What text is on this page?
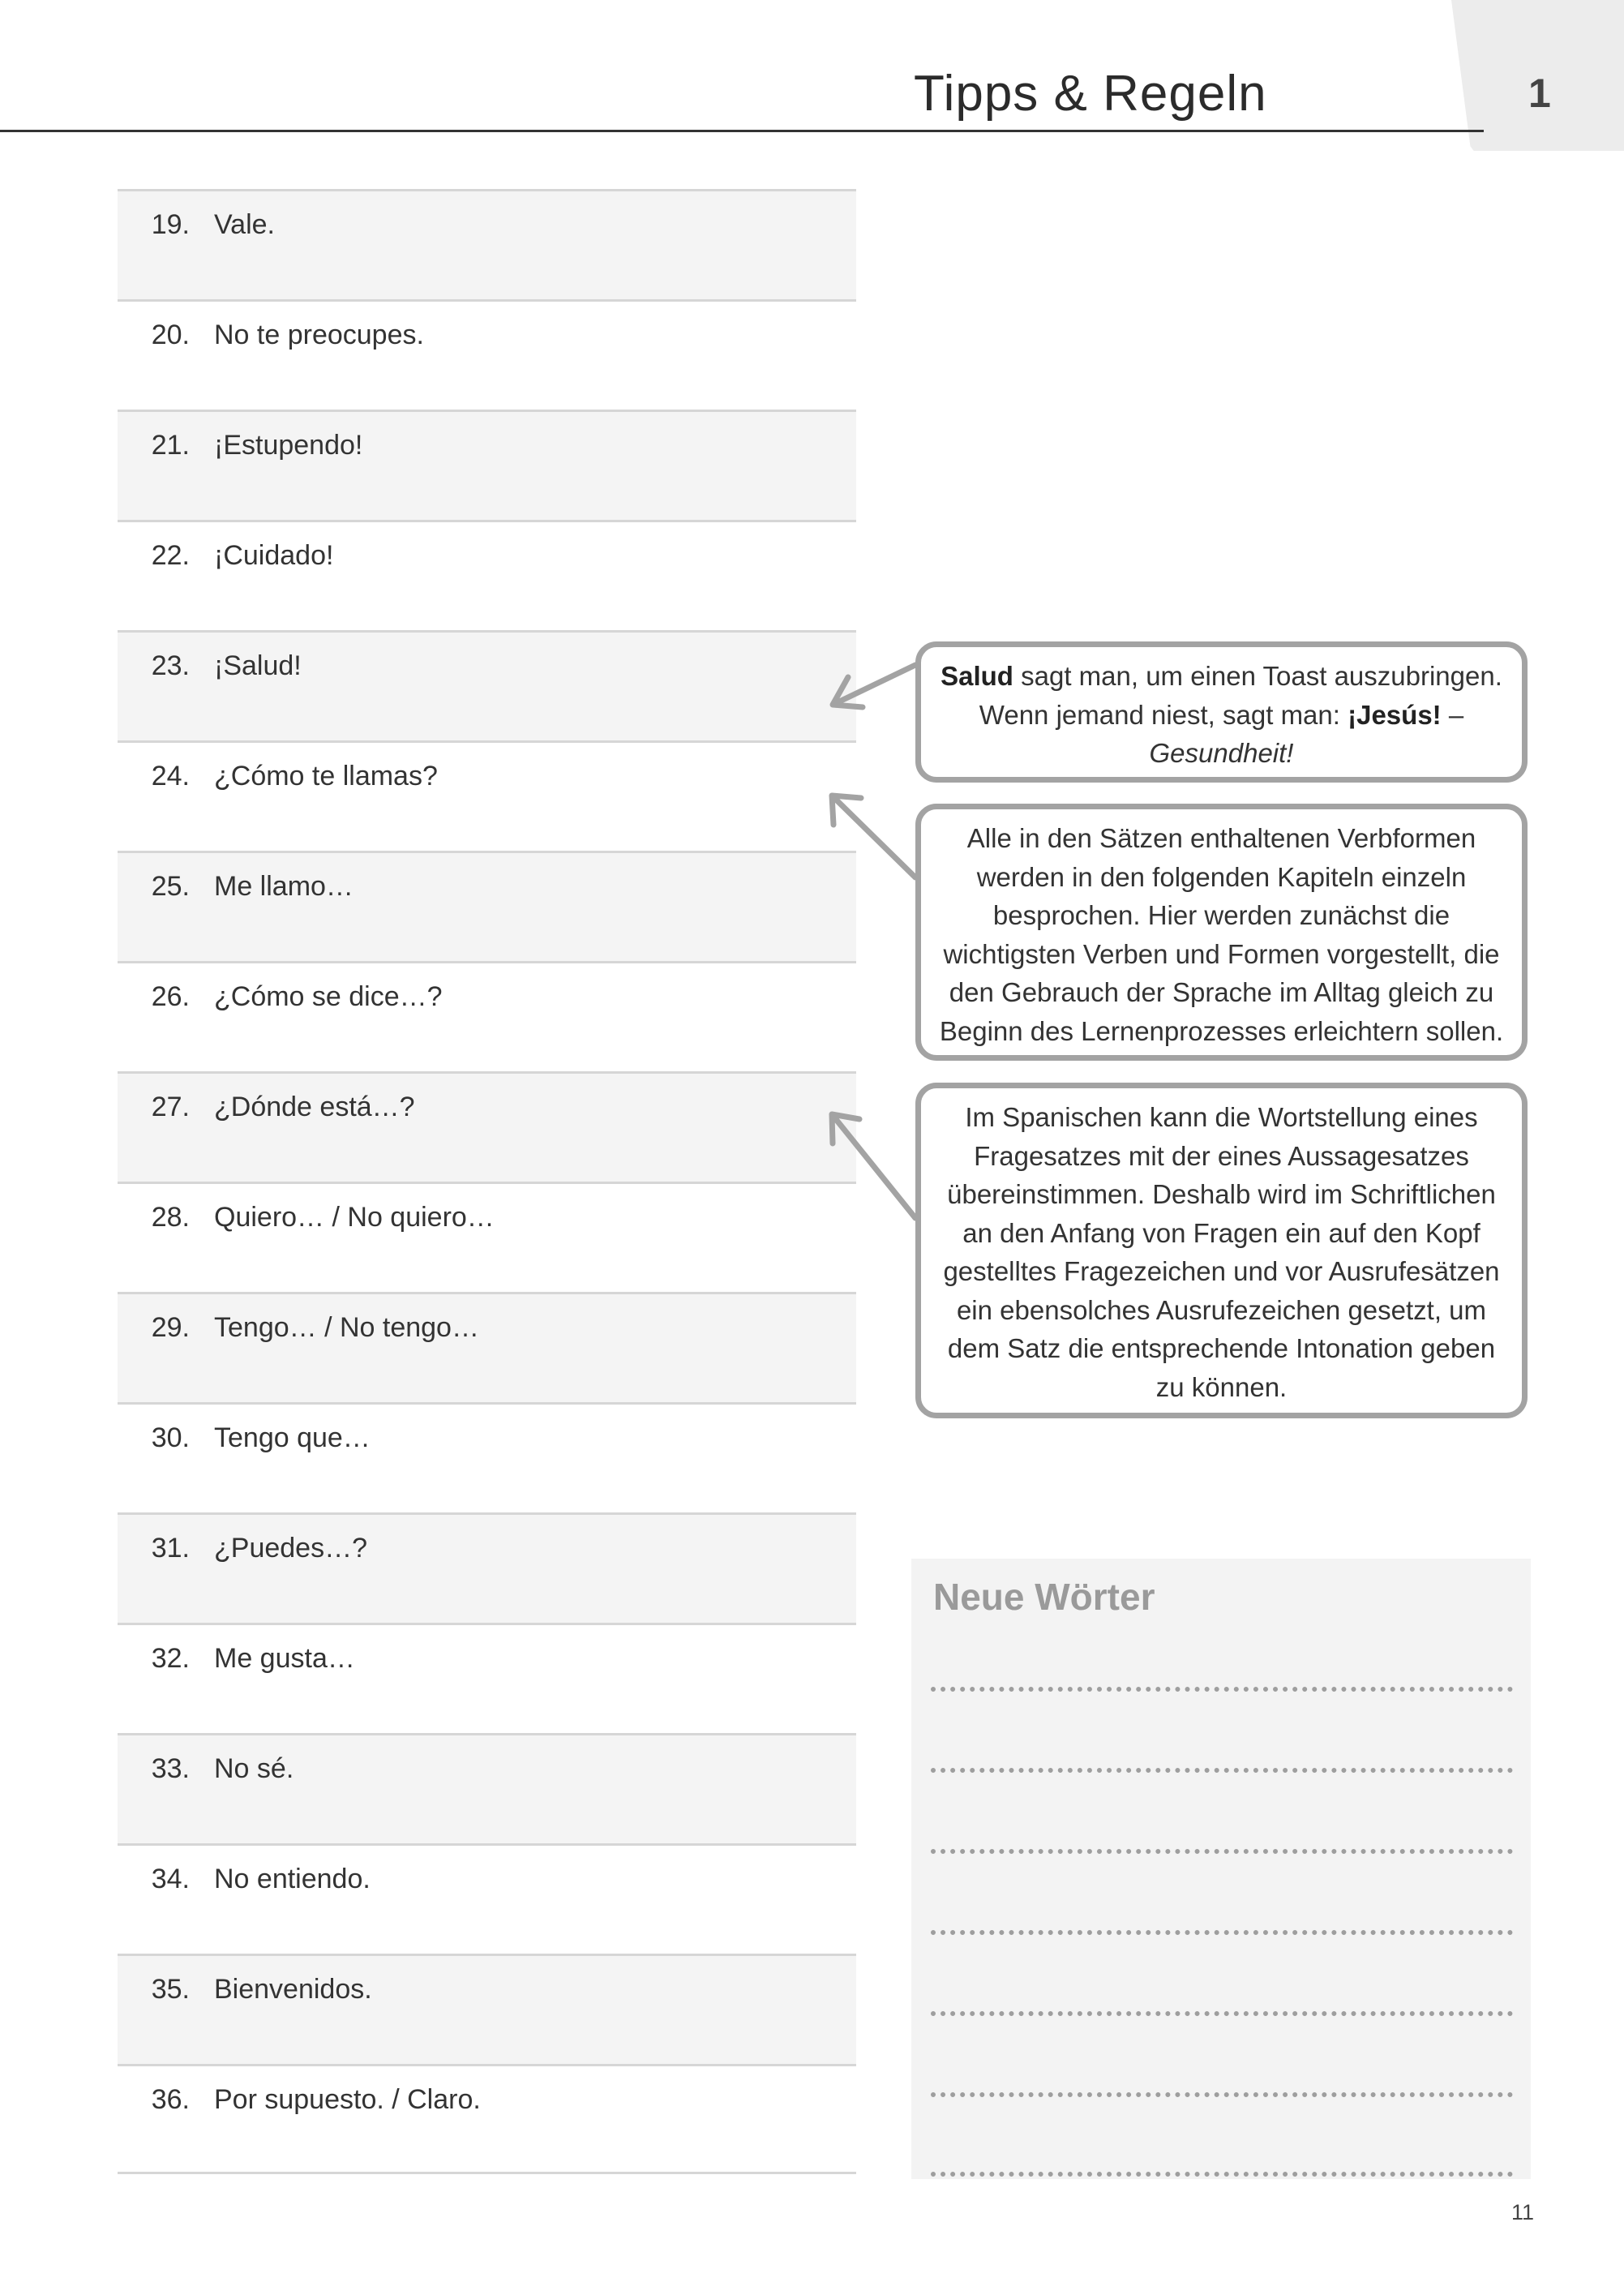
1
Tipps & Regeln
19. Vale.
20. No te preocupes.
21. ¡Estupendo!
22. ¡Cuidado!
23. ¡Salud!
24. ¿Cómo te llamas?
25. Me llamo…
26. ¿Cómo se dice…?
27. ¿Dónde está…?
28. Quiero… / No quiero…
29. Tengo… / No tengo…
30. Tengo que…
31. ¿Puedes…?
32. Me gusta…
33. No sé.
34. No entiendo.
35. Bienvenidos.
36. Por supuesto. / Claro.
Salud sagt man, um einen Toast auszubringen. Wenn jemand niest, sagt man: ¡Jesús! – Gesundheit!
Alle in den Sätzen enthaltenen Verbformen werden in den folgenden Kapiteln einzeln besprochen. Hier werden zunächst die wichtigsten Verben und Formen vorgestellt, die den Gebrauch der Sprache im Alltag gleich zu Beginn des Lernenprozesses erleichtern sollen.
Im Spanischen kann die Wortstellung eines Fragesatzes mit der eines Aussagesatzes übereinstimmen. Deshalb wird im Schriftlichen an den Anfang von Fragen ein auf den Kopf gestelltes Fragezeichen und vor Ausrufesätzen ein ebensolches Ausrufezeichen gesetzt, um dem Satz die entsprechende Intonation geben zu können.
Neue Wörter
11
